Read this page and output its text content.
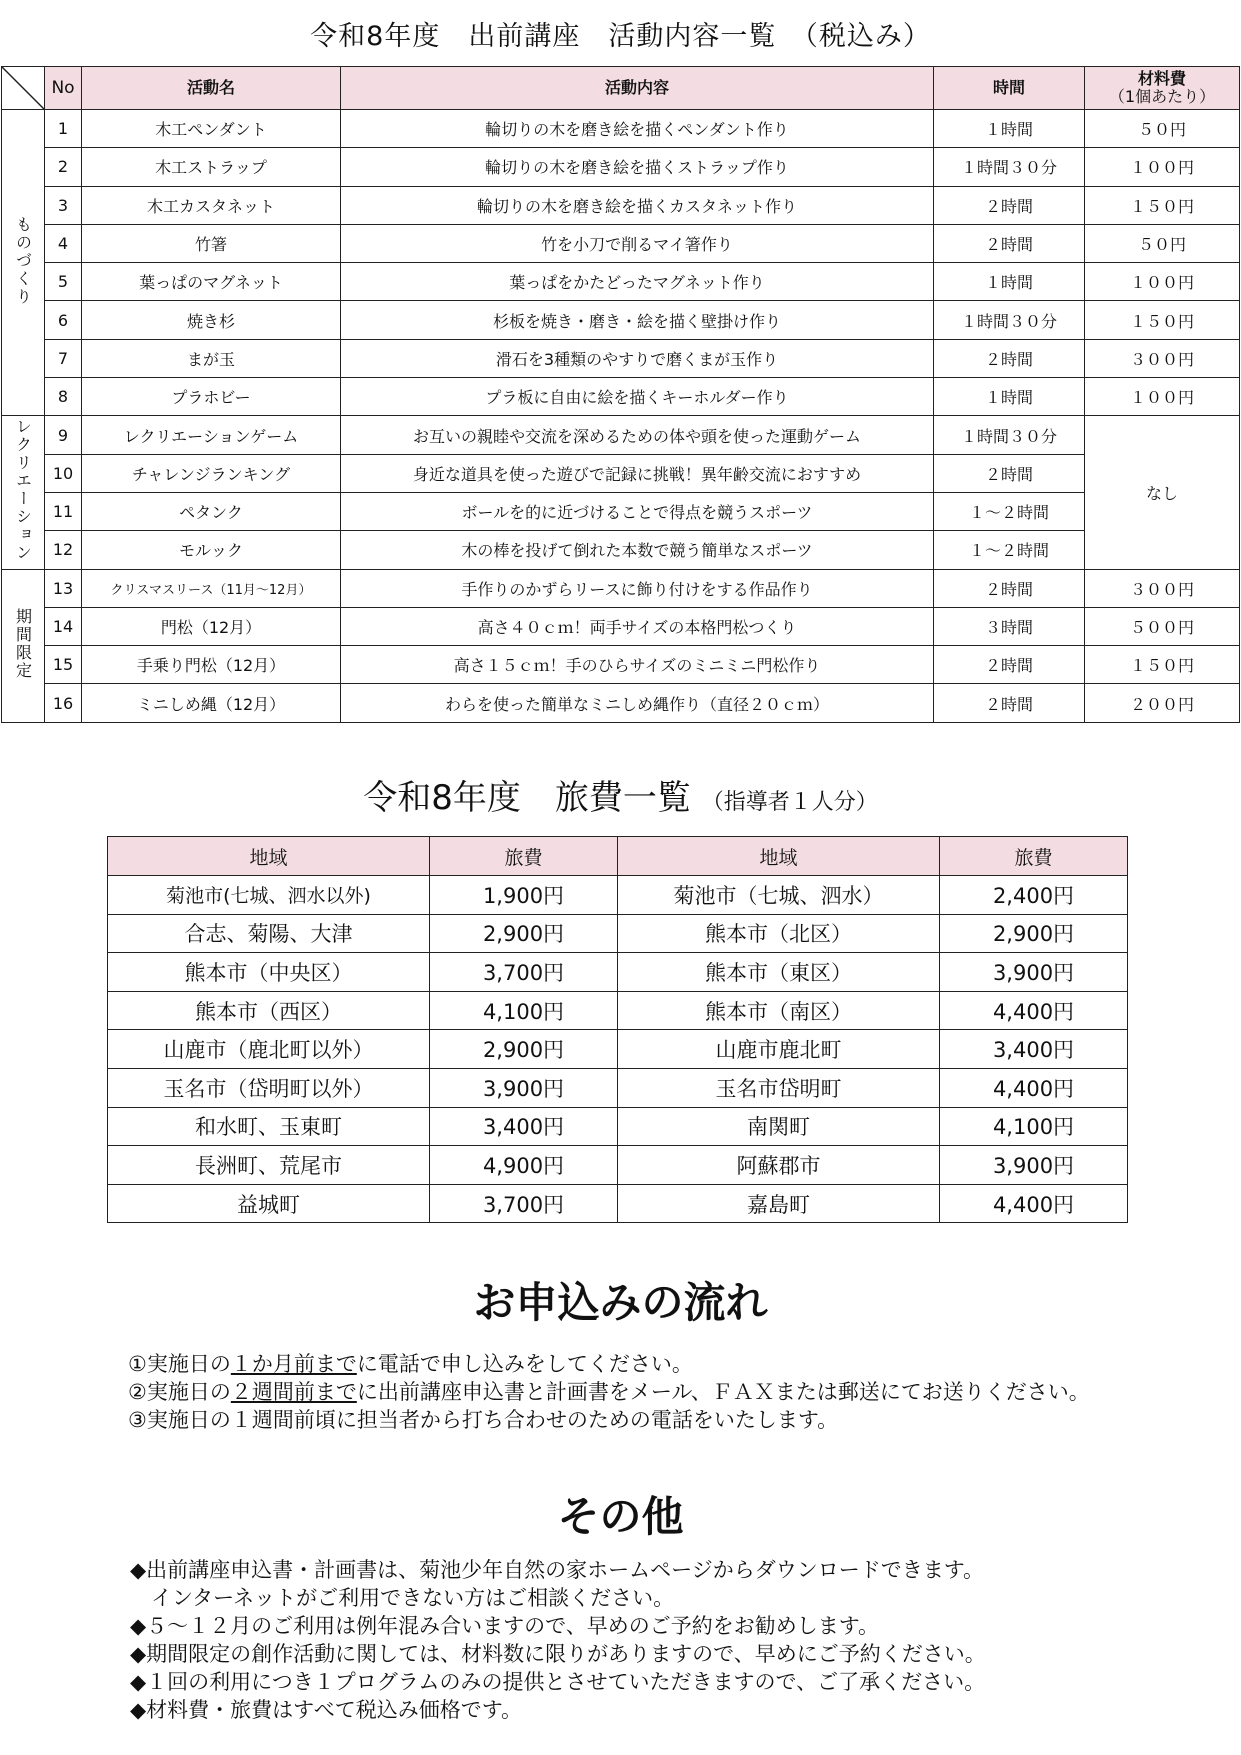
令和8年度　出前講座　活動内容一覧　（税込み）
	No	活動名	活動内容	時間	材料費
（1個あたり）

ものづくり	1	木工ペンダント	輪切りの木を磨き絵を描くペンダント作り	１時間	５０円
	2	木工ストラップ	輪切りの木を磨き絵を描くストラップ作り	１時間３０分	１００円
	3	木工カスタネット	輪切りの木を磨き絵を描くカスタネット作り	２時間	１５０円
	4	竹箸	竹を小刀で削るマイ箸作り	２時間	５０円
	5	葉っぱのマグネット	葉っぱをかたどったマグネット作り	１時間	１００円
	6	焼き杉	杉板を焼き・磨き・絵を描く壁掛け作り	１時間３０分	１５０円
	7	まが玉	滑石を3種類のやすりで磨くまが玉作り	２時間	３００円
	8	プラホビー	プラ板に自由に絵を描くキーホルダー作り	１時間	１００円
レクリエーション	9	レクリエーションゲーム	お互いの親睦や交流を深めるための体や頭を使った運動ゲーム	１時間３０分	なし
	10	チャレンジランキング	身近な道具を使った遊びで記録に挑戦！異年齢交流におすすめ	２時間	
	11	ペタンク	ボールを的に近づけることで得点を競うスポーツ	１～２時間	
	12	モルック	木の棒を投げて倒れた本数で競う簡単なスポーツ	１～２時間	
期間限定	13	クリスマスリース（11月～12月）	手作りのかずらリースに飾り付けをする作品作り	２時間	３００円
	14	門松（12月）	高さ４０ｃｍ！両手サイズの本格門松つくり	３時間	５００円
	15	手乗り門松（12月）	高さ１５ｃｍ！手のひらサイズのミニミニ門松作り	２時間	１５０円
	16	ミニしめ縄（12月）	わらを使った簡単なミニしめ縄作り（直径２０ｃｍ）	２時間	２００円
令和8年度　旅費一覧 （指導者１人分）
地域	旅費	地域	旅費
菊池市(七城、泗水以外)	1,900円	菊池市（七城、泗水）	2,400円
合志、菊陽、大津	2,900円	熊本市（北区）	2,900円
熊本市（中央区）	3,700円	熊本市（東区）	3,900円
熊本市（西区）	4,100円	熊本市（南区）	4,400円
山鹿市（鹿北町以外）	2,900円	山鹿市鹿北町	3,400円
玉名市（岱明町以外）	3,900円	玉名市岱明町	4,400円
和水町、玉東町	3,400円	南関町	4,100円
長洲町、荒尾市	4,900円	阿蘇郡市	3,900円
益城町	3,700円	嘉島町	4,400円
お申込みの流れ
①実施日の１か月前までに電話で申し込みをしてください。
②実施日の２週間前までに出前講座申込書と計画書をメール、ＦＡＸまたは郵送にてお送りください。
③実施日の１週間前頃に担当者から打ち合わせのための電話をいたします。
その他
◆出前講座申込書・計画書は、菊池少年自然の家ホームページからダウンロードできます。
　インターネットがご利用できない方はご相談ください。
◆５～１２月のご利用は例年混み合いますので、早めのご予約をお勧めします。
◆期間限定の創作活動に関しては、材料数に限りがありますので、早めにご予約ください。
◆１回の利用につき１プログラムのみの提供とさせていただきますので、ご了承ください。
◆材料費・旅費はすべて税込み価格です。
